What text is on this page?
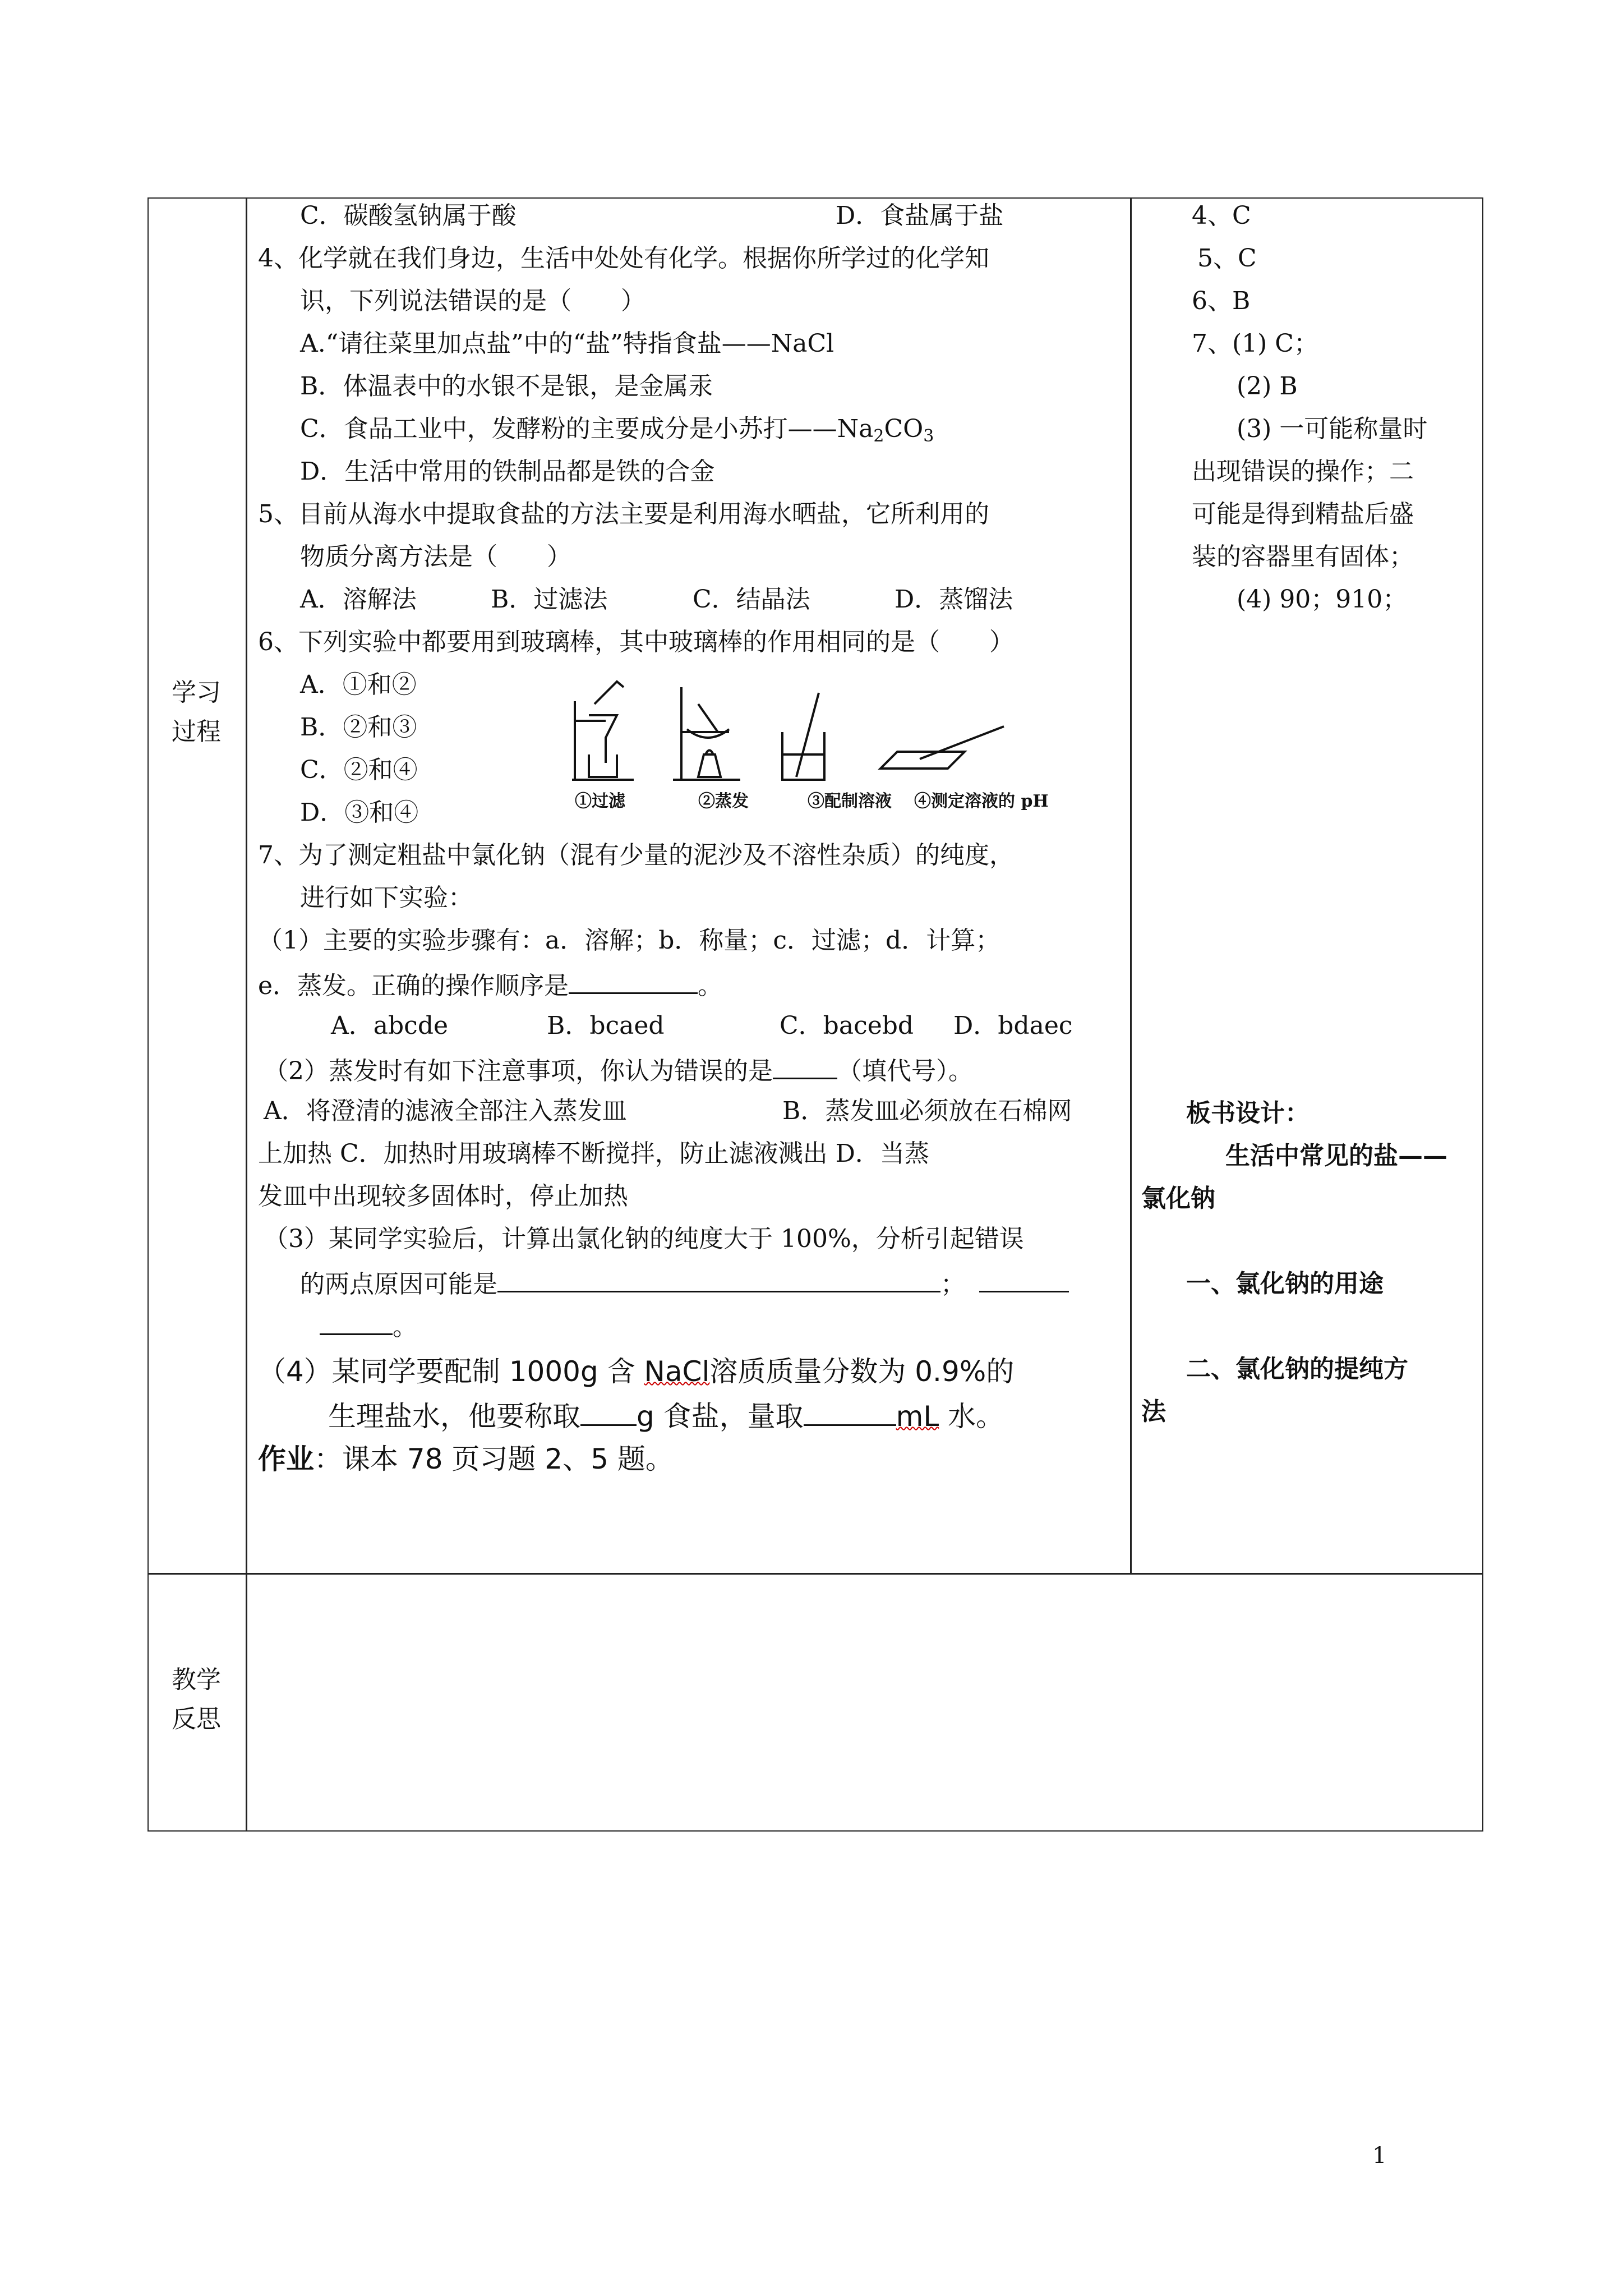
学习
过程
教学
反思
C．碳酸氢钠属于酸	D．食盐属于盐
4、化学就在我们身边，生活中处处有化学。根据你所学过的化学知
识，下列说法错误的是（　　）
A.“请往菜里加点盐”中的“盐”特指食盐——NaCl
B．体温表中的水银不是银，是金属汞
C．食品工业中，发酵粉的主要成分是小苏打$——Na_2CO_3$
D．生活中常用的铁制品都是铁的合金
5、目前从海水中提取食盐的方法主要是利用海水晒盐，它所利用的
物质分离方法是（　　）
A．溶解法	B．过滤法	C．结晶法	D．蒸馏法
6、下列实验中都要用到玻璃棒，其中玻璃棒的作用相同的是（　　）
A．①和②
B．②和③
C．②和④
D．③和④	①过滤	②蒸发	③配制溶液 ④测定溶液的 pH
7、为了测定粗盐中氯化钠（混有少量的泥沙及不溶性杂质）的纯度，
进行如下实验：
（1）主要的实验步骤有：a．溶解；b．称量；c．过滤；d．计算；
e．蒸发。正确的操作顺序是	。
A．abcde	B．bcaed	C．bacebd D．bdaec
（2）蒸发时有如下注意事项，你认为错误的是	（填代号）。
A．将澄清的滤液全部注入蒸发皿	B．蒸发皿必须放在石棉网
上加热 C．加热时用玻璃棒不断搅拌，防止滤液溅出 D．当蒸
发皿中出现较多固体时，停止加热
（3）某同学实验后，计算出氯化钠的纯度大于 100%，分析引起错误
的两点原因可能是	；
。
（4）某同学要配制 1000g 含 NaCl溶质质量分数为 0.9%的
生理盐水，他要称取 g 食盐，量取	mL 水。
作业：课本 78 页习题 2、5 题。
4、C
5、C
6、B
7、(1) C；
(2) B
(3) 一可能称量时
出现错误的操作；二
可能是得到精盐后盛
装的容器里有固体；
(4) 90；910；
板书设计：
生活中常见的盐——
氯化钠
一、氯化钠的用途
二、氯化钠的提纯方
法
1
